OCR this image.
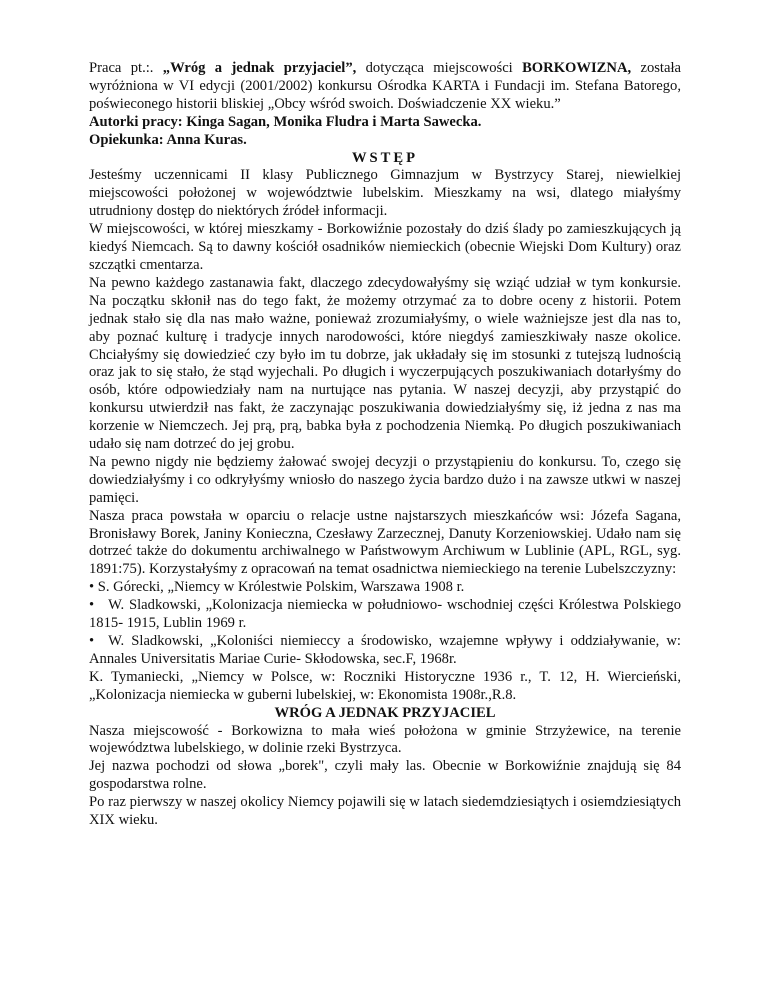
Praca pt.:. „Wróg a jednak przyjaciel”, dotycząca miejscowości BORKOWIZNA, została wyróżniona w VI edycji (2001/2002) konkursu Ośrodka KARTA i Fundacji im. Stefana Batorego, poświeconego historii bliskiej „Obcy wśród swoich. Doświadczenie XX wieku.”

Autorki pracy: Kinga Sagan, Monika Fludra i Marta Sawecka.

Opiekunka: Anna Kuras.

WSTĘP

Jesteśmy uczennicami II klasy Publicznego Gimnazjum w Bystrzycy Starej, niewielkiej miejscowości położonej w województwie lubelskim. Mieszkamy na wsi, dlatego miałyśmy utrudniony dostęp do niektórych źródeł informacji.

W miejscowości, w której mieszkamy - Borkowiźnie pozostały do dziś ślady po zamieszkujących ją kiedyś Niemcach. Są to dawny kościół osadników niemieckich (obecnie Wiejski Dom Kultury) oraz szczątki cmentarza.

Na pewno każdego zastanawia fakt, dlaczego zdecydowałyśmy się wziąć udział w tym konkursie. Na początku skłonił nas do tego fakt, że możemy otrzymać za to dobre oceny z historii. Potem jednak stało się dla nas mało ważne, ponieważ zrozumiałyśmy, o wiele ważniejsze jest dla nas to, aby poznać kulturę i tradycje innych narodowości, które niegdyś zamieszkiwały nasze okolice. Chciałyśmy się dowiedzieć czy było im tu dobrze, jak układały się im stosunki z tutejszą ludnością oraz jak to się stało, że stąd wyjechali. Po długich i wyczerpujących poszukiwaniach dotarłyśmy do osób, które odpowiedziały nam na nurtujące nas pytania. W naszej decyzji, aby przystąpić do konkursu utwierdził nas fakt, że zaczynając poszukiwania dowiedziałyśmy się, iż jedna z nas ma korzenie w Niemczech. Jej prą, prą, babka była z pochodzenia Niemką. Po długich poszukiwaniach udało się nam dotrzeć do jej grobu.

Na pewno nigdy nie będziemy żałować swojej decyzji o przystąpieniu do konkursu. To, czego się dowiedziałyśmy i co odkryłyśmy wniosło do naszego życia bardzo dużo i na zawsze utkwi w naszej pamięci.

Nasza praca powstała w oparciu o relacje ustne najstarszych mieszkańców wsi: Józefa Sagana, Bronisławy Borek, Janiny Konieczna, Czesławy Zarzecznej, Danuty Korzeniowskiej. Udało nam się dotrzeć także do dokumentu archiwalnego w Państwowym Archiwum w Lublinie (APL, RGL, syg. 1891:75). Korzystałyśmy z opracowań na temat osadnictwa niemieckiego na terenie Lubelszczyzny:

• S. Górecki, „Niemcy w Królestwie Polskim, Warszawa 1908 r.

• W. Sladkowski, „Kolonizacja niemiecka w południowo- wschodniej części Królestwa Polskiego 1815- 1915, Lublin 1969 r.

• W. Sladkowski, „Koloniści niemieccy a środowisko, wzajemne wpływy i oddziaływanie, w: Annales Universitatis Mariae Curie- Skłodowska, sec.F, 1968r.

K. Tymaniecki, „Niemcy w Polsce, w: Roczniki Historyczne 1936 r., T. 12, H. Wiercieński, „Kolonizacja niemiecka w guberni lubelskiej, w: Ekonomista 1908r.,R.8.

WRÓG A JEDNAK PRZYJACIEL

Nasza miejscowość - Borkowizna to mała wieś położona w gminie Strzyżewice, na terenie województwa lubelskiego, w dolinie rzeki Bystrzyca.

Jej nazwa pochodzi od słowa „borek", czyli mały las. Obecnie w Borkowiźnie znajdują się 84 gospodarstwa rolne.

Po raz pierwszy w naszej okolicy Niemcy pojawili się w latach siedemdziesiątych i osiemdziesiątych XIX wieku.
